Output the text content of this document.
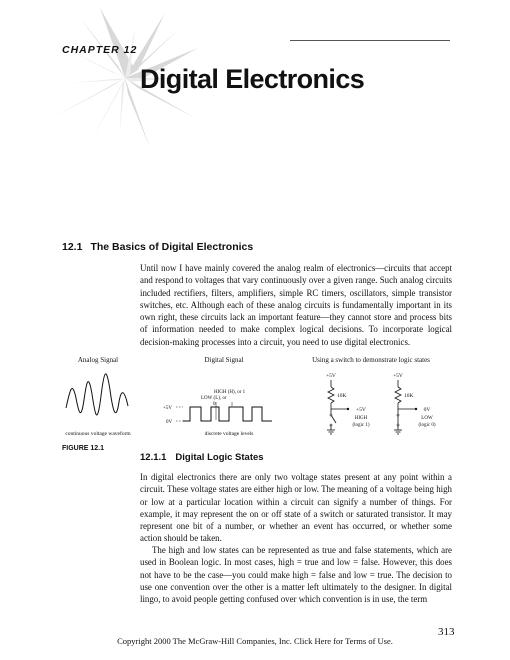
CHAPTER 12
Digital Electronics
12.1 The Basics of Digital Electronics
Until now I have mainly covered the analog realm of electronics—circuits that accept and respond to voltages that vary continuously over a given range. Such analog circuits included rectifiers, filters, amplifiers, simple RC timers, oscillators, simple transistor switches, etc. Although each of these analog circuits is fundamentally important in its own right, these circuits lack an important feature—they cannot store and process bits of information needed to make complex logical decisions. To incorporate logical decision-making processes into a circuit, you need to use digital electronics.
Analog Signal
continuous voltage waveform
Digital Signal
HIGH (H), or 1
LOW (L), or
0
+5V
0V
discrete voltage levels
Using a switch to demonstrate logic states
+5V
10K
+5V
HIGH
(logic 1)
+5V
10K
0V
LOW
(logic 0)
FIGURE 12.1
12.1.1 Digital Logic States
In digital electronics there are only two voltage states present at any point within a circuit. These voltage states are either high or low. The meaning of a voltage being high or low at a particular location within a circuit can signify a number of things. For example, it may represent the on or off state of a switch or saturated transistor. It may represent one bit of a number, or whether an event has occurred, or whether some action should be taken.
The high and low states can be represented as true and false statements, which are used in Boolean logic. In most cases, high = true and low = false. However, this does not have to be the case—you could make high = false and low = true. The decision to use one convention over the other is a matter left ultimately to the designer. In digital lingo, to avoid people getting confused over which convention is in use, the term
313
Copyright 2000 The McGraw-Hill Companies, Inc. Click Here for Terms of Use.
